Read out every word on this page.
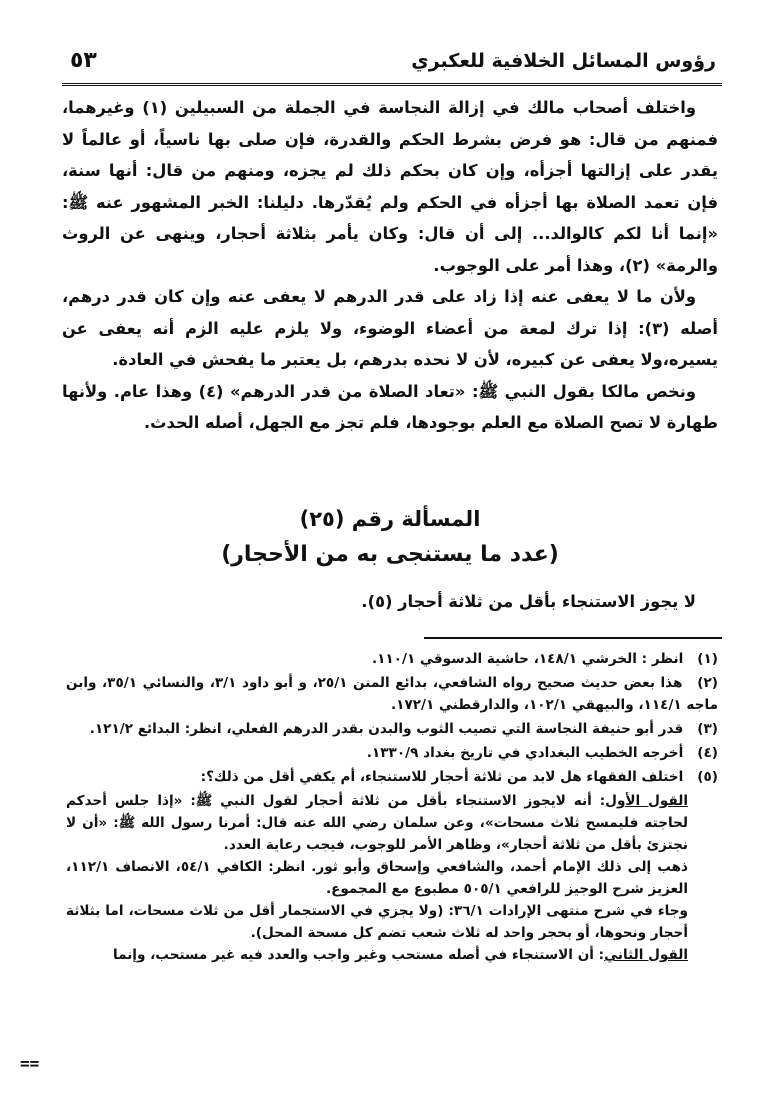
رؤوس المسائل الخلافية للعكبري
٥٣

واختلف أصحاب مالك في إزالة النجاسة في الجملة من السبيلين (١) وغيرهما، فمنهم من قال: هو فرض بشرط الحكم والقدرة، فإن صلى بها ناسياً، أو عالماً لا يقدر على إزالتها أجزأه، وإن كان بحكم ذلك لم يجزه، ومنهم من قال: أنها سنة، فإن تعمد الصلاة بها أجزأه في الحكم ولم يُقدّرها. دليلنا: الخبر المشهور عنه ﷺ: «إنما أنا لكم كالوالد... إلى أن قال: وكان يأمر بثلاثة أحجار، وينهى عن الروث والرمة» (٢)، وهذا أمر على الوجوب.

ولأن ما لا يعفى عنه إذا زاد على قدر الدرهم لا يعفى عنه وإن كان قدر درهم، أصله (٣): إذا ترك لمعة من أعضاء الوضوء، ولا يلزم عليه الزم أنه يعفى عن يسيره،ولا يعفى عن كبيره، لأن لا نحده بدرهم، بل يعتبر ما يفحش في العادة.

ونخص مالكا بقول النبي ﷺ: «تعاد الصلاة من قدر الدرهم» (٤) وهذا عام. ولأنها طهارة لا تصح الصلاة مع العلم بوجودها، فلم تجز مع الجهل، أصله الحدث.

المسألة رقم (٢٥)

(عدد ما يستنجى به من الأحجار)

لا يجوز الاستنجاء بأقل من ثلاثة أحجار (٥).

(١) انظر : الخرشي ١٤٨/١، حاشية الدسوقي ١١٠/١.

(٢) هذا بعض حديث صحيح رواه الشافعي، بدائع المنن ٢٥/١، و أبو داود ٣/١، والنسائي ٣٥/١، وابن ماجه ١١٤/١، والبيهقي ١٠٢/١، والدارقطني ١٧٢/١.

(٣) قدر أبو حنيفة النجاسة التي تصيب الثوب والبدن بقدر الدرهم الفعلي، انظر: البدائع ١٢١/٢.

(٤) أخرجه الخطيب البغدادي في تاريخ بغداد ١٣٣٠/٩.

(٥) اختلف الفقهاء هل لابد من ثلاثة أحجار للاستنجاء، أم يكفي أقل من ذلك؟:

القول الأول: أنه لايجوز الاستنجاء بأقل من ثلاثة أحجار لقول النبي ﷺ: «إذا جلس أحدكم لحاجته فليمسح ثلاث مسحات»، وعن سلمان رضي الله عنه قال: أمرنا رسول الله ﷺ: «أن لا نجتزئ بأقل من ثلاثة أحجار»، وظاهر الأمر للوجوب، فيجب رعاية العدد.

ذهب إلى ذلك الإمام أحمد، والشافعي وإسحاق وأبو ثور. انظر: الكافي ٥٤/١، الانصاف ١١٢/١، العزيز شرح الوجيز للرافعي ٥٠٥/١ مطبوع مع المجموع.

وجاء في شرح منتهى الإرادات ٣٦/١: (ولا يجزي في الاستجمار أقل من ثلاث مسحات، اما بثلاثة أحجار ونحوها، أو بحجر واحد له ثلاث شعب تضم كل مسحة المحل).

القول الثاني: أن الاستنجاء في أصله مستحب وغير واجب والعدد فيه غير مستحب، وإنما

==
